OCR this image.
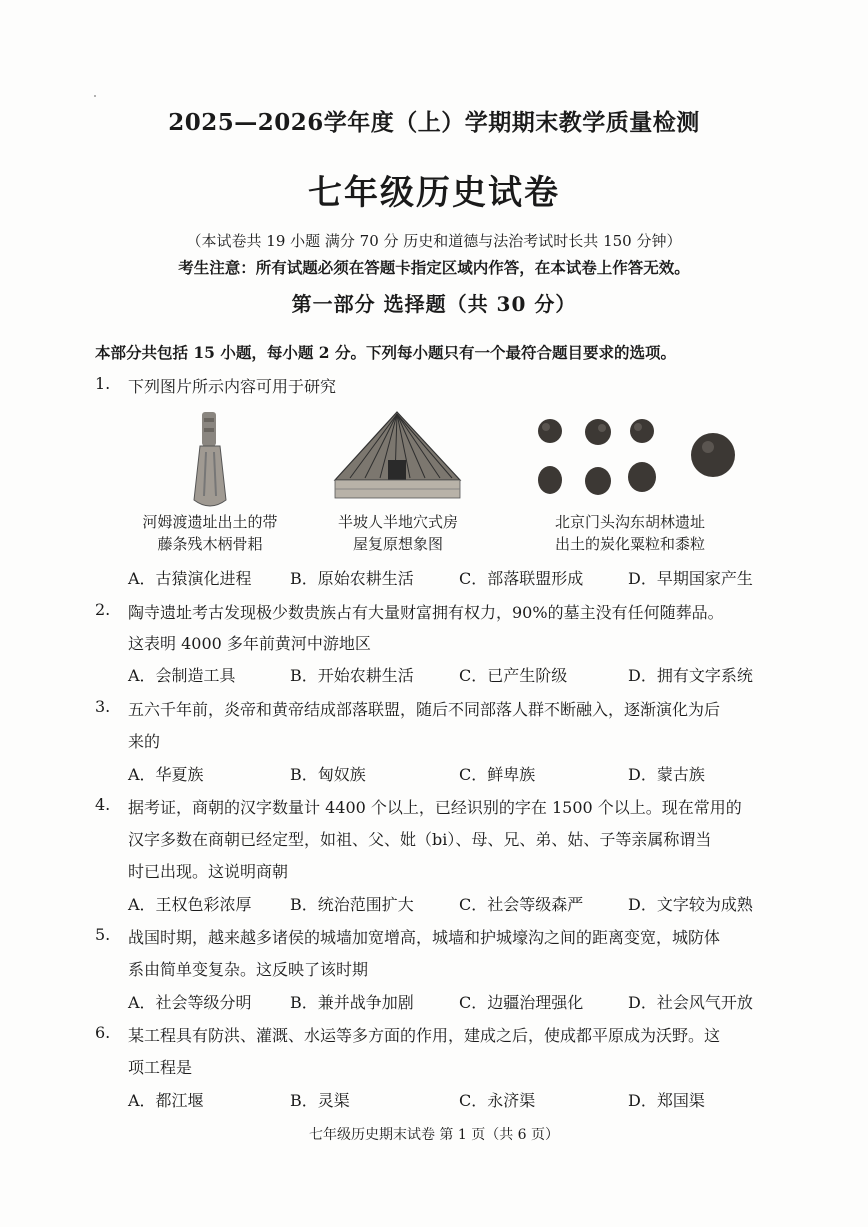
2025—2026学年度（上）学期期末教学质量检测
七年级历史试卷
（本试卷共 19 小题 满分 70 分 历史和道德与法治考试时长共 150 分钟）
考生注意：所有试题必须在答题卡指定区域内作答，在本试卷上作答无效。
第一部分 选择题（共 30 分）
本部分共包括 15 小题，每小题 2 分。下列每小题只有一个最符合题目要求的选项。
1. 下列图片所示内容可用于研究
河姆渡遗址出土的带
藤条残木柄骨耜
半坡人半地穴式房
屋复原想象图
北京门头沟东胡林遗址
出土的炭化粟粒和黍粒
A．古猿演化进程 B．原始农耕生活	C．部落联盟形成	D．早期国家产生
2. 陶寺遗址考古发现极少数贵族占有大量财富拥有权力，90%的墓主没有任何随葬品。
这表明 4000 多年前黄河中游地区
A．会制造工具	B．开始农耕生活	C．已产生阶级	D．拥有文字系统
3. 五六千年前，炎帝和黄帝结成部落联盟，随后不同部落人群不断融入，逐渐演化为后
来的
A．华夏族	B．匈奴族	C．鲜卑族	D．蒙古族
4. 据考证，商朝的汉字数量计 4400 个以上，已经识别的字在 1500 个以上。现在常用的
汉字多数在商朝已经定型，如祖、父、妣（bi）、母、兄、弟、姑、子等亲属称谓当
时已出现。这说明商朝
A．王权色彩浓厚 B．统治范围扩大	C．社会等级森严	D．文字较为成熟
5. 战国时期，越来越多诸侯的城墙加宽增高，城墙和护城壕沟之间的距离变宽，城防体
系由简单变复杂。这反映了该时期
A．社会等级分明 B．兼并战争加剧	C．边疆治理强化	D．社会风气开放
6. 某工程具有防洪、灌溉、水运等多方面的作用，建成之后，使成都平原成为沃野。这
项工程是
A．都江堰	B．灵渠	C．永济渠	D．郑国渠
七年级历史期末试卷 第 1 页（共 6 页）
